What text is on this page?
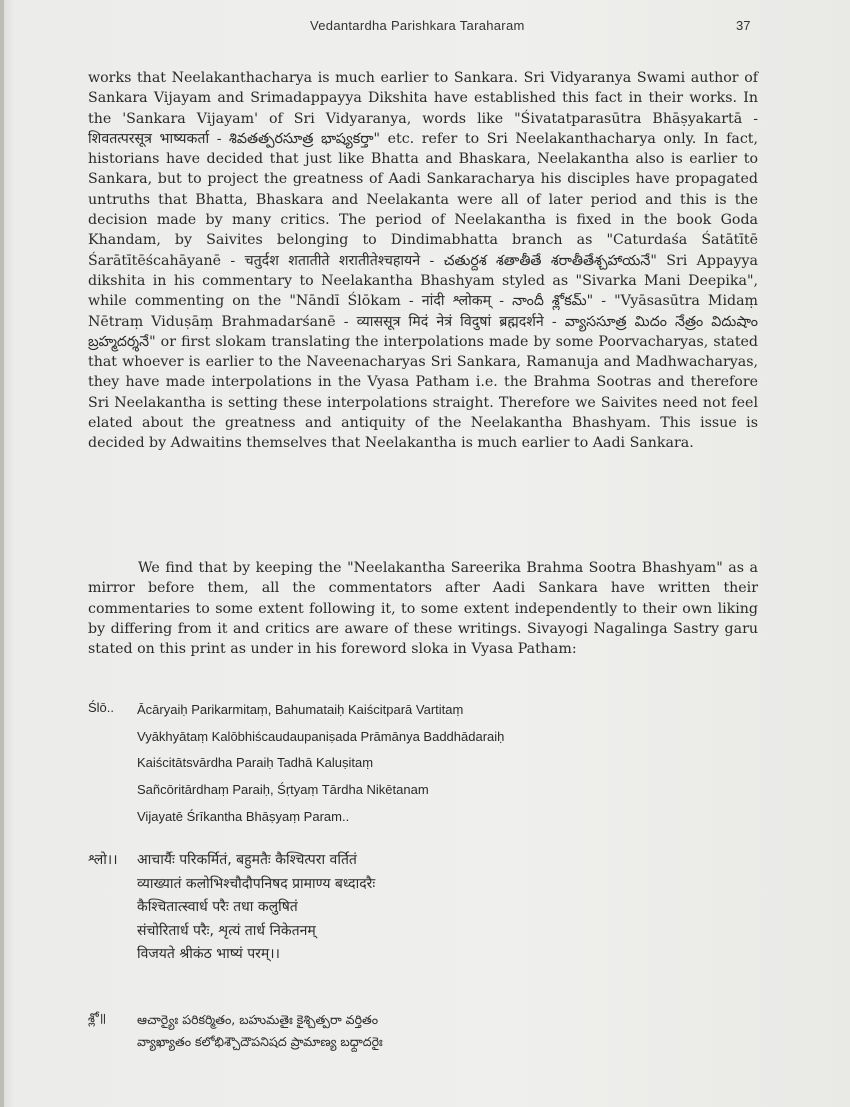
Vedantardha Parishkara Taraharam	37

works that Neelakanthacharya is much earlier to Sankara. Sri Vidyaranya Swami author of Sankara Vijayam and Srimadappayya Dikshita have established this fact in their works. In the 'Sankara Vijayam' of Sri Vidyaranya, words like "Śivatatparasūtra Bhāṣyakartā - शिवतत्परसूत्र भाष्यकर्ता - శివతత్పరసూత్ర భాష్యకర్తా" etc. refer to Sri Neelakanthacharya only. In fact, historians have decided that just like Bhatta and Bhaskara, Neelakantha also is earlier to Sankara, but to project the greatness of Aadi Sankaracharya his disciples have propagated untruths that Bhatta, Bhaskara and Neelakanta were all of later period and this is the decision made by many critics. The period of Neelakantha is fixed in the book Goda Khandam, by Saivites belonging to Dindimabhatta branch as "Caturdaśa Śatātītē Śarātītēścahāyanē - चतुर्दश शतातीते शरातीतेश्चहायने - చతుర్దశ శతాతీతే శరాతీతేశ్చహాయనే" Sri Appayya dikshita in his commentary to Neelakantha Bhashyam styled as "Sivarka Mani Deepika", while commenting on the "Nāndī Ślōkam - नांदी श्लोकम् - నాందీ శ్లోకమ్" - "Vyāsasūtra Midaṃ Nētraṃ Viduṣāṃ Brahmadarśanē - व्याससूत्र मिदं नेत्रं विदुषां ब्रह्मदर्शने - వ్యాససూత్ర మిదం నేత్రం విదుషాం బ్రహ్మదర్శనే" or first slokam translating the interpolations made by some Poorvacharyas, stated that whoever is earlier to the Naveenacharyas Sri Sankara, Ramanuja and Madhwacharyas, they have made interpolations in the Vyasa Patham i.e. the Brahma Sootras and therefore Sri Neelakantha is setting these interpolations straight. Therefore we Saivites need not feel elated about the greatness and antiquity of the Neelakantha Bhashyam. This issue is decided by Adwaitins themselves that Neelakantha is much earlier to Aadi Sankara.

We find that by keeping the "Neelakantha Sareerika Brahma Sootra Bhashyam" as a mirror before them, all the commentators after Aadi Sankara have written their commentaries to some extent following it, to some extent independently to their own liking by differing from it and critics are aware of these writings. Sivayogi Nagalinga Sastry garu stated on this print as under in his foreword sloka in Vyasa Patham:

Ślō.. Ācāryaiḥ Parikarmitaṃ, Bahumataiḥ Kaiścitparā Vartitaṃ
Vyākhyātaṃ Kalōbhiścaudaupaniṣada Prāmānya Baddhādaraiḥ
Kaiścitātsvārdha Paraiḥ Tadhā Kaluṣitaṃ
Sañcōritārdhaṃ Paraiḥ, Śṛtyaṃ Tārdha Nikētanam
Vijayatē Śrīkantha Bhāṣyaṃ Param..
श्लो।। आचार्यैः परिकर्मितं, बहुमतैः कैश्चित्परा वर्तितं
व्याख्यातं कलोभिश्चौदौपनिषद प्रामाण्य बध्दादरैः
कैश्चितात्स्वार्ध परैः तधा कलुषितं
संचोरितार्ध परैः, शृत्यं तार्ध निकेतनम्
विजयते श्रीकंठ भाष्यं परम्।।
శ్లో॥ ఆచార్యైః పరికర్మితం, బహుమతైః కైశ్చిత్పరా వర్తితం
వ్యాఖ్యాతం కలోభిశ్చౌదౌపనిషద ప్రామాణ్య బధ్దాదరైః
